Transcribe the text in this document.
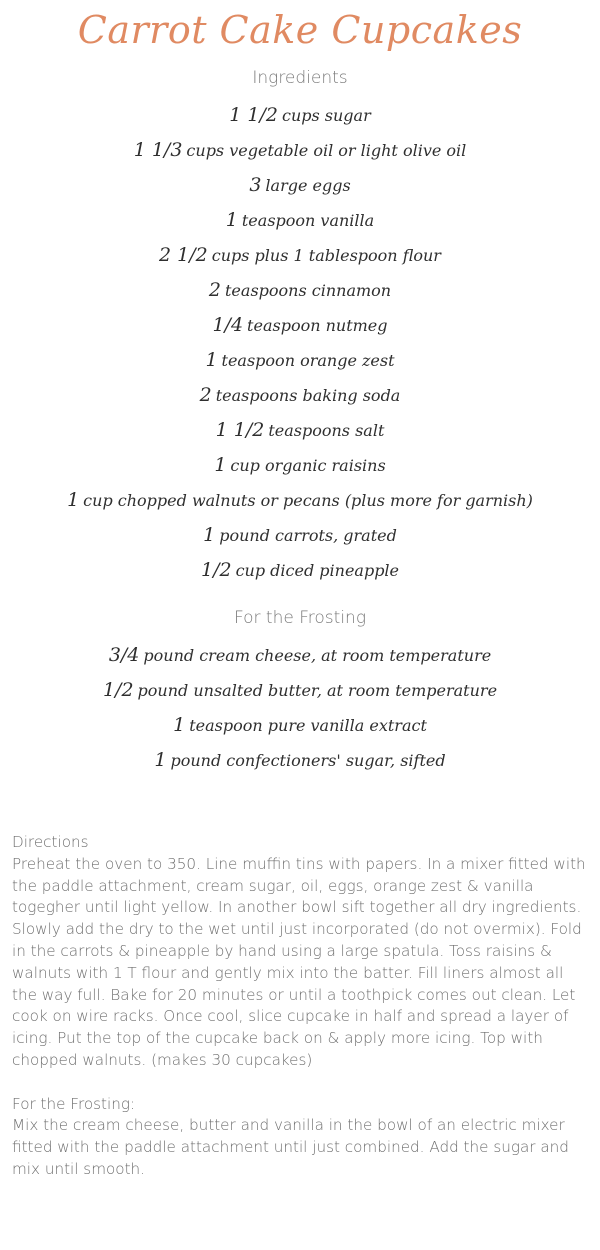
Carrot Cake Cupcakes
Ingredients
1 1/2 cups sugar
1 1/3 cups vegetable oil or light olive oil
3 large eggs
1 teaspoon vanilla
2 1/2 cups plus 1 tablespoon flour
2 teaspoons cinnamon
1/4 teaspoon nutmeg
1 teaspoon orange zest
2 teaspoons baking soda
1 1/2 teaspoons salt
1 cup organic raisins
1 cup chopped walnuts or pecans (plus more for garnish)
1 pound carrots, grated
1/2 cup diced pineapple
For the Frosting
3/4 pound cream cheese, at room temperature
1/2 pound unsalted butter, at room temperature
1 teaspoon pure vanilla extract
1 pound confectioners' sugar, sifted

Directions

Preheat the oven to 350. Line muffin tins with papers. In a mixer fitted with the paddle attachment, cream sugar, oil, eggs, orange zest & vanilla togegher until light yellow. In another bowl sift together all dry ingredients. Slowly add the dry to the wet until just incorporated (do not overmix). Fold in the carrots & pineapple by hand using a large spatula. Toss raisins & walnuts with 1 T flour and gently mix into the batter. Fill liners almost all the way full. Bake for 20 minutes or until a toothpick comes out clean. Let cook on wire racks. Once cool, slice cupcake in half and spread a layer of icing. Put the top of the cupcake back on & apply more icing. Top with chopped walnuts. (makes 30 cupcakes)

For the Frosting:

Mix the cream cheese, butter and vanilla in the bowl of an electric mixer fitted with the paddle attachment until just combined. Add the sugar and mix until smooth.
